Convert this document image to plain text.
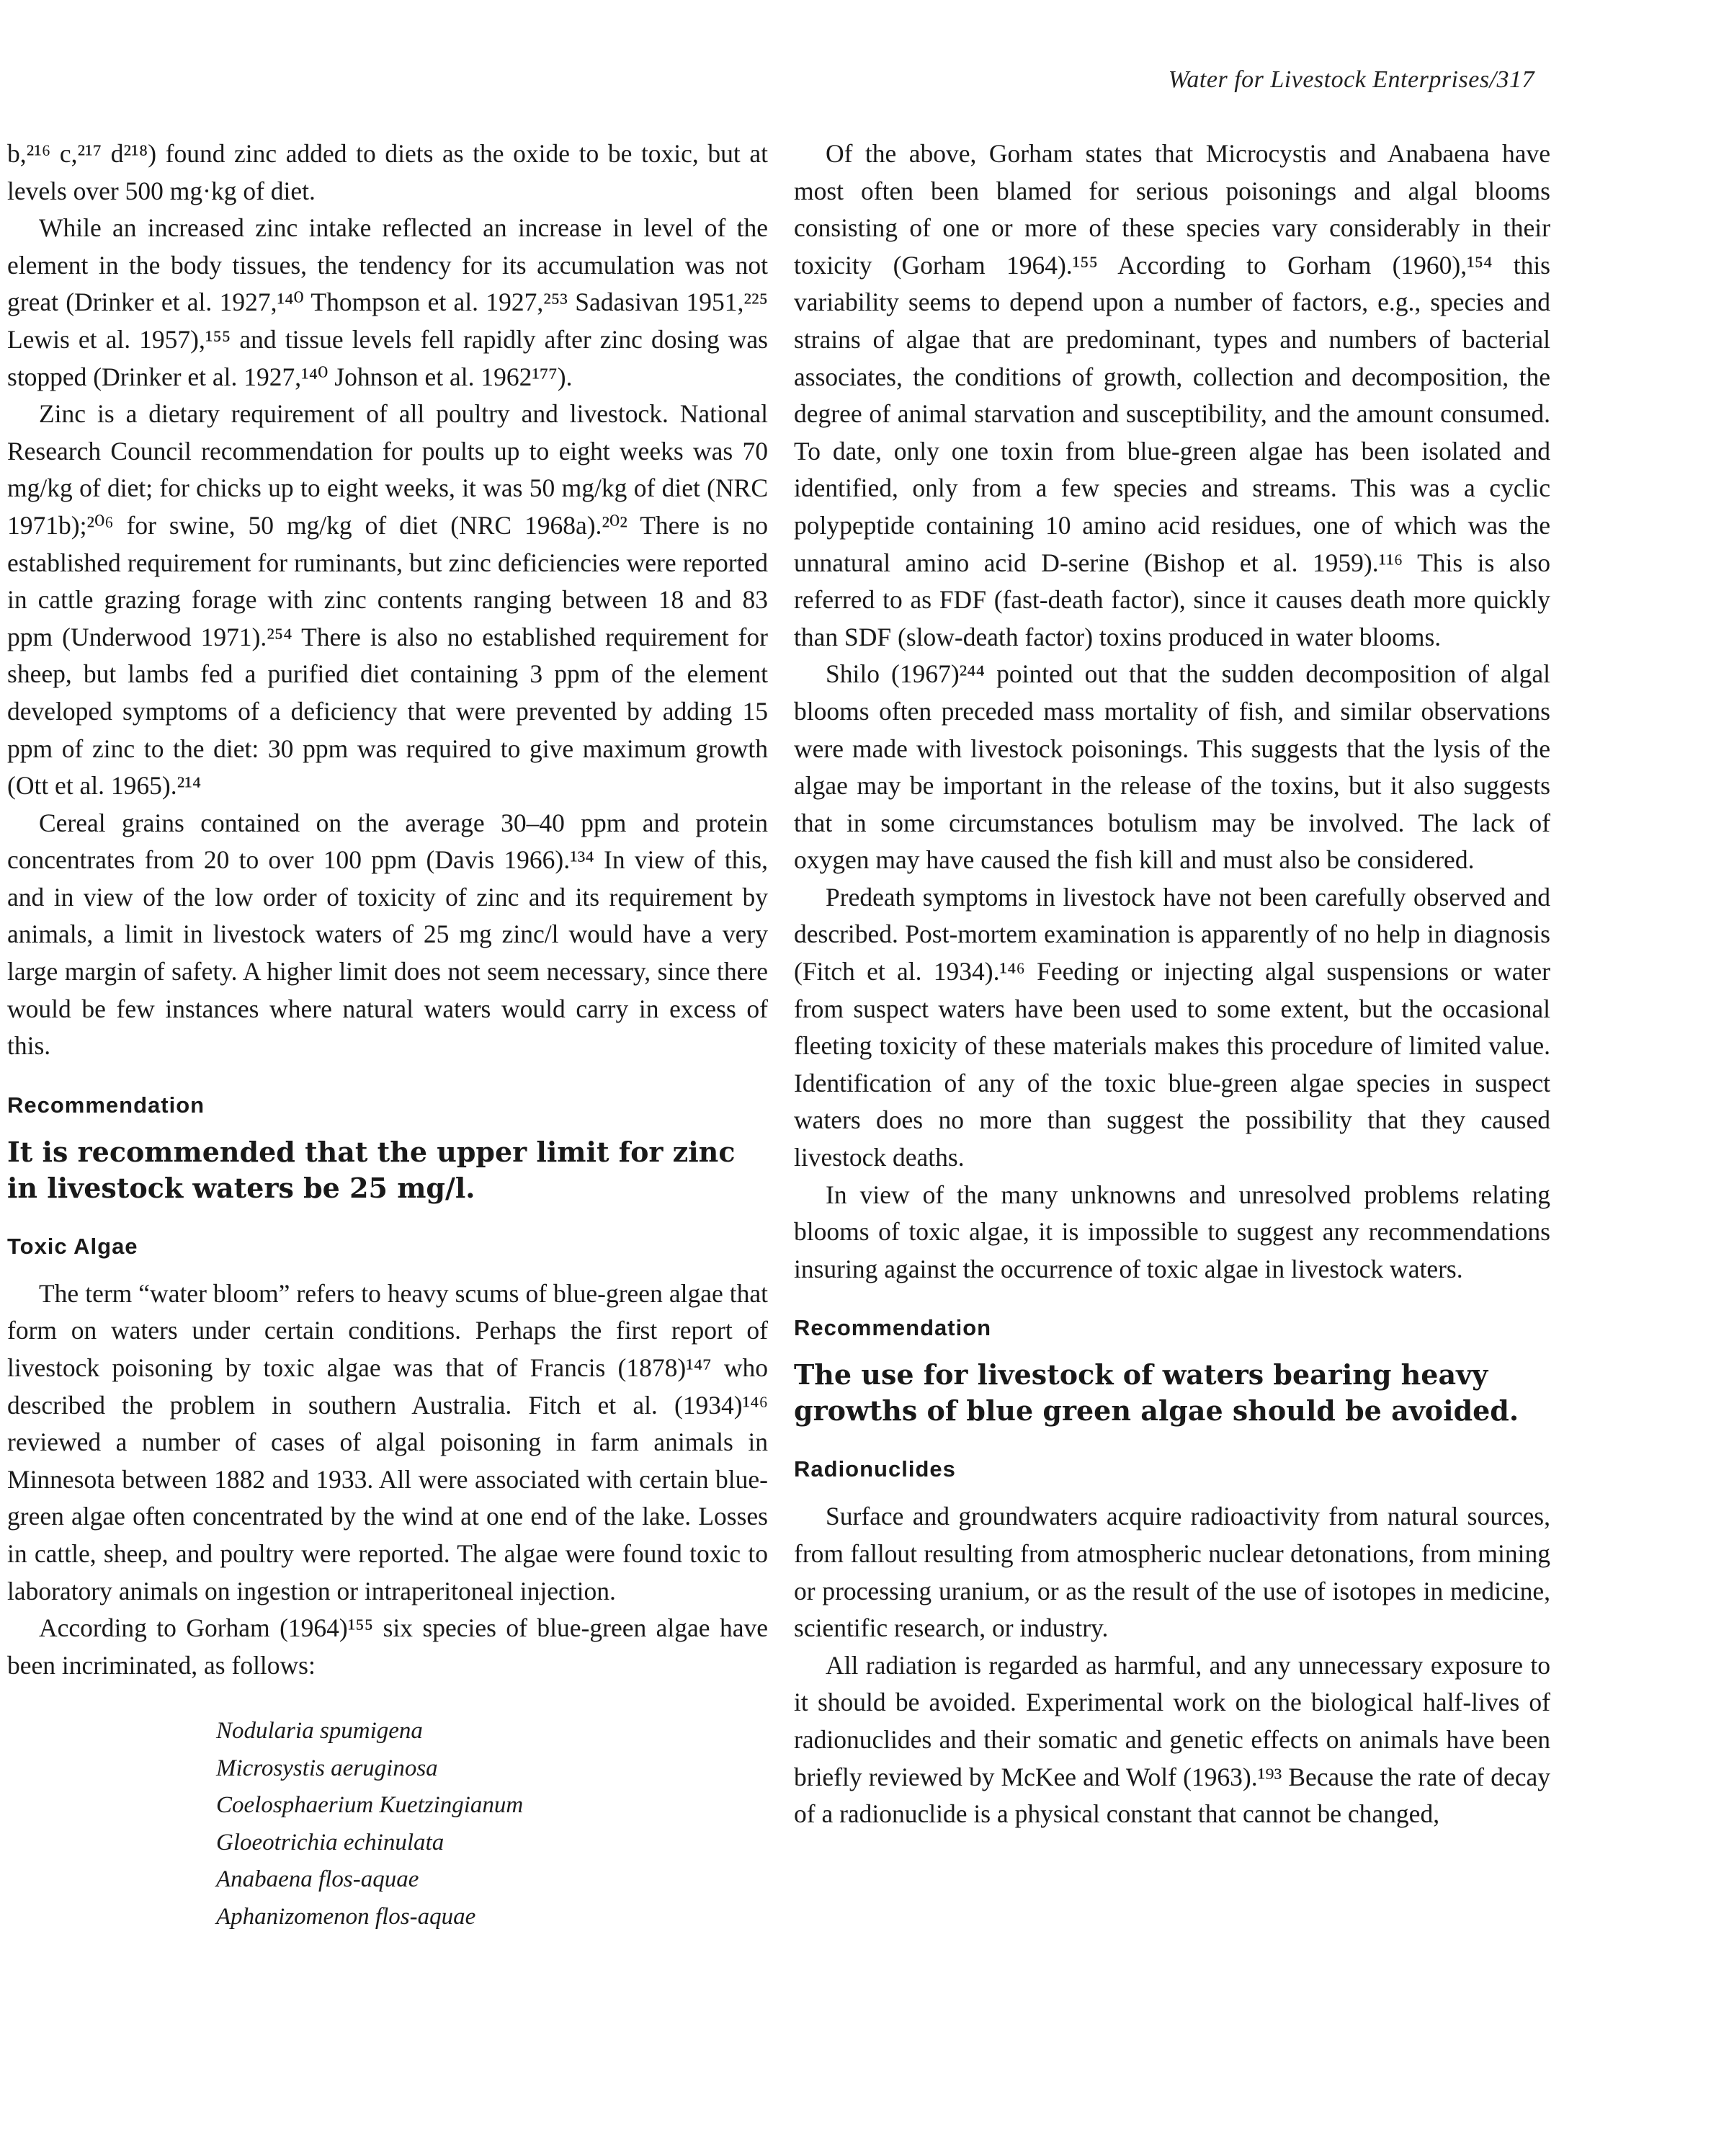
Water for Livestock Enterprises/317

b,²¹⁶ c,²¹⁷ d²¹⁸) found zinc added to diets as the oxide to be toxic, but at levels over 500 mg·kg of diet.

While an increased zinc intake reflected an increase in level of the element in the body tissues, the tendency for its accumulation was not great (Drinker et al. 1927,¹⁴⁰ Thompson et al. 1927,²⁵³ Sadasivan 1951,²²⁵ Lewis et al. 1957),¹⁵⁵ and tissue levels fell rapidly after zinc dosing was stopped (Drinker et al. 1927,¹⁴⁰ Johnson et al. 1962¹⁷⁷).

Zinc is a dietary requirement of all poultry and livestock. National Research Council recommendation for poults up to eight weeks was 70 mg/kg of diet; for chicks up to eight weeks, it was 50 mg/kg of diet (NRC 1971b);²⁰⁶ for swine, 50 mg/kg of diet (NRC 1968a).²⁰² There is no established requirement for ruminants, but zinc deficiencies were reported in cattle grazing forage with zinc contents ranging between 18 and 83 ppm (Underwood 1971).²⁵⁴ There is also no established requirement for sheep, but lambs fed a purified diet containing 3 ppm of the element developed symptoms of a deficiency that were prevented by adding 15 ppm of zinc to the diet: 30 ppm was required to give maximum growth (Ott et al. 1965).²¹⁴

Cereal grains contained on the average 30–40 ppm and protein concentrates from 20 to over 100 ppm (Davis 1966).¹³⁴ In view of this, and in view of the low order of toxicity of zinc and its requirement by animals, a limit in livestock waters of 25 mg zinc/l would have a very large margin of safety. A higher limit does not seem necessary, since there would be few instances where natural waters would carry in excess of this.

Recommendation
It is recommended that the upper limit for zinc in livestock waters be 25 mg/l.
Toxic Algae

The term “water bloom” refers to heavy scums of blue-green algae that form on waters under certain conditions. Perhaps the first report of livestock poisoning by toxic algae was that of Francis (1878)¹⁴⁷ who described the problem in southern Australia. Fitch et al. (1934)¹⁴⁶ reviewed a number of cases of algal poisoning in farm animals in Minnesota between 1882 and 1933. All were associated with certain blue-green algae often concentrated by the wind at one end of the lake. Losses in cattle, sheep, and poultry were reported. The algae were found toxic to laboratory animals on ingestion or intraperitoneal injection.

According to Gorham (1964)¹⁵⁵ six species of blue-green algae have been incriminated, as follows:

Nodularia spumigena
Microsystis aeruginosa
Coelosphaerium Kuetzingianum
Gloeotrichia echinulata
Anabaena flos-aquae
Aphanizomenon flos-aquae

Of the above, Gorham states that Microcystis and Anabaena have most often been blamed for serious poisonings and algal blooms consisting of one or more of these species vary considerably in their toxicity (Gorham 1964).¹⁵⁵ According to Gorham (1960),¹⁵⁴ this variability seems to depend upon a number of factors, e.g., species and strains of algae that are predominant, types and numbers of bacterial associates, the conditions of growth, collection and decomposition, the degree of animal starvation and susceptibility, and the amount consumed. To date, only one toxin from blue-green algae has been isolated and identified, only from a few species and streams. This was a cyclic polypeptide containing 10 amino acid residues, one of which was the unnatural amino acid D-serine (Bishop et al. 1959).¹¹⁶ This is also referred to as FDF (fast-death factor), since it causes death more quickly than SDF (slow-death factor) toxins produced in water blooms.

Shilo (1967)²⁴⁴ pointed out that the sudden decomposition of algal blooms often preceded mass mortality of fish, and similar observations were made with livestock poisonings. This suggests that the lysis of the algae may be important in the release of the toxins, but it also suggests that in some circumstances botulism may be involved. The lack of oxygen may have caused the fish kill and must also be considered.

Predeath symptoms in livestock have not been carefully observed and described. Post-mortem examination is apparently of no help in diagnosis (Fitch et al. 1934).¹⁴⁶ Feeding or injecting algal suspensions or water from suspect waters have been used to some extent, but the occasional fleeting toxicity of these materials makes this procedure of limited value. Identification of any of the toxic blue-green algae species in suspect waters does no more than suggest the possibility that they caused livestock deaths.

In view of the many unknowns and unresolved problems relating blooms of toxic algae, it is impossible to suggest any recommendations insuring against the occurrence of toxic algae in livestock waters.

Recommendation
The use for livestock of waters bearing heavy growths of blue green algae should be avoided.
Radionuclides

Surface and groundwaters acquire radioactivity from natural sources, from fallout resulting from atmospheric nuclear detonations, from mining or processing uranium, or as the result of the use of isotopes in medicine, scientific research, or industry.

All radiation is regarded as harmful, and any unnecessary exposure to it should be avoided. Experimental work on the biological half-lives of radionuclides and their somatic and genetic effects on animals have been briefly reviewed by McKee and Wolf (1963).¹⁹³ Because the rate of decay of a radionuclide is a physical constant that cannot be changed,
